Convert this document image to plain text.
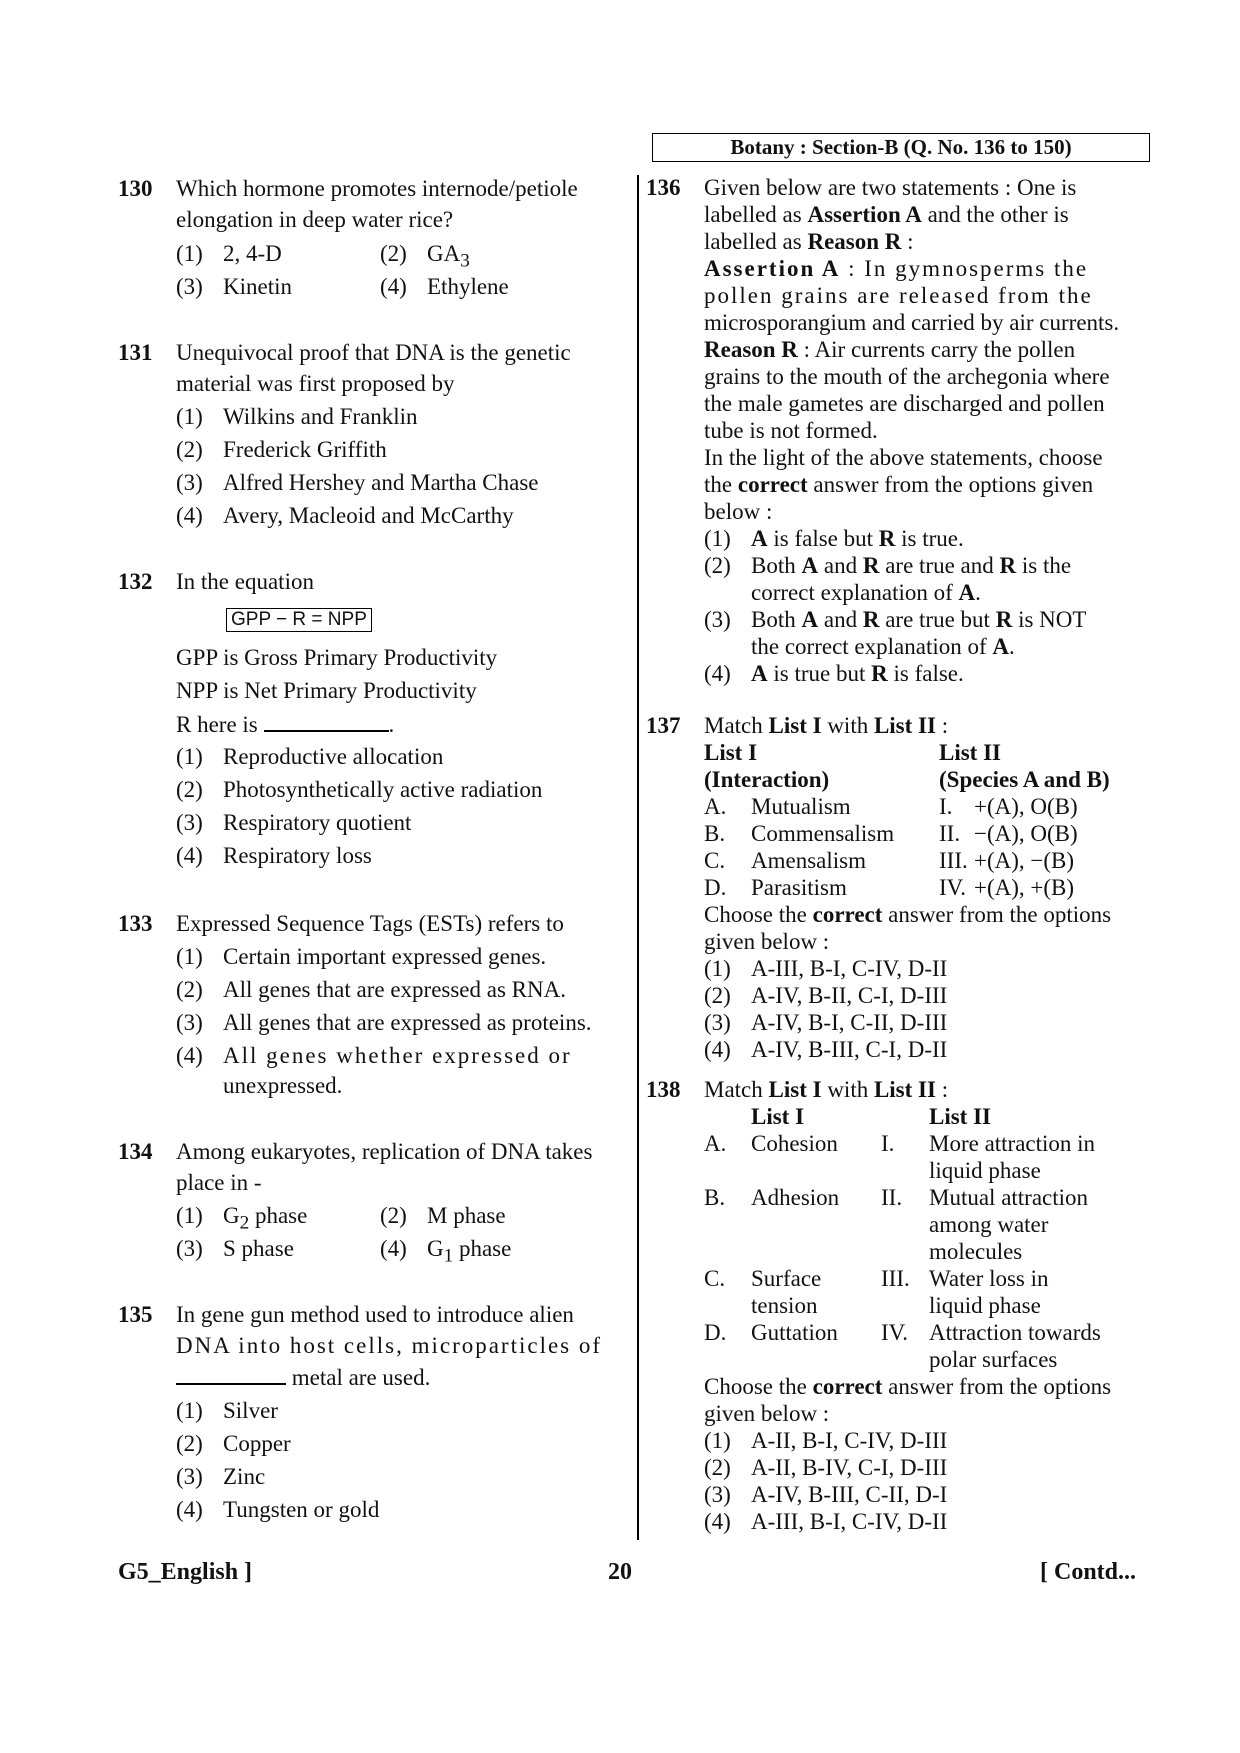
Botany : Section-B (Q. No. 136 to 150)
130 Which hormone promotes internode/petiole
elongation in deep water rice?
(1) 2, 4-D	(2) $GA_3$
(3) Kinetin	(4) Ethylene
131 Unequivocal proof that DNA is the genetic
material was first proposed by
(1) Wilkins and Franklin
(2) Frederick Griffith
(3) Alfred Hershey and Martha Chase
(4) Avery, Macleoid and McCarthy
132 In the equation
GPP − R = NPP
GPP is Gross Primary Productivity
NPP is Net Primary Productivity
R here is	.
(1) Reproductive allocation
(2) Photosynthetically active radiation
(3) Respiratory quotient
(4) Respiratory loss
133 Expressed Sequence Tags (ESTs) refers to
(1) Certain important expressed genes.
(2) All genes that are expressed as RNA.
(3) All genes that are expressed as proteins.
(4) All genes whether expressed or
unexpressed.
134 Among eukaryotes, replication of DNA takes
place in -
(1) $G_2$ phase	(2) M phase
(3) S phase	(4) $G_1$ phase
135 In gene gun method used to introduce alien
DNA into host cells, microparticles of
metal are used.
(1) Silver
(2) Copper
(3) Zinc
(4) Tungsten or gold
136 Given below are two statements : One is
labelled as Assertion A and the other is
labelled as Reason R :
Assertion A : In gymnosperms the
pollen grains are released from the
microsporangium and carried by air currents.
Reason R : Air currents carry the pollen
grains to the mouth of the archegonia where
the male gametes are discharged and pollen
tube is not formed.
In the light of the above statements, choose
the correct answer from the options given
below :
(1) A is false but R is true.
(2) Both A and R are true and R is the
correct explanation of A.
(3) Both A and R are true but R is NOT
the correct explanation of A.
(4) A is true but R is false.
137 Match List I with List II :
List I	List II
(Interaction)	(Species A and B)
A. Mutualism	I. +(A), O(B)
B. Commensalism II. −(A), O(B)
C. Amensalism	III. +(A), −(B)
D. Parasitism	IV. +(A), +(B)
Choose the correct answer from the options
given below :
(1) A-III, B-I, C-IV, D-II
(2) A-IV, B-II, C-I, D-III
(3) A-IV, B-I, C-II, D-III
(4) A-IV, B-III, C-I, D-II
138 Match List I with List II :
List I	List II
A. Cohesion I. More attraction in
liquid phase
B. Adhesion II. Mutual attraction
among water
molecules
C. Surface
tension
III. Water loss in
liquid phase
D. Guttation IV. Attraction towards
polar surfaces
Choose the correct answer from the options
given below :
(1) A-II, B-I, C-IV, D-III
(2) A-II, B-IV, C-I, D-III
(3) A-IV, B-III, C-II, D-I
(4) A-III, B-I, C-IV, D-II
G5_English ]	20	[ Contd...
